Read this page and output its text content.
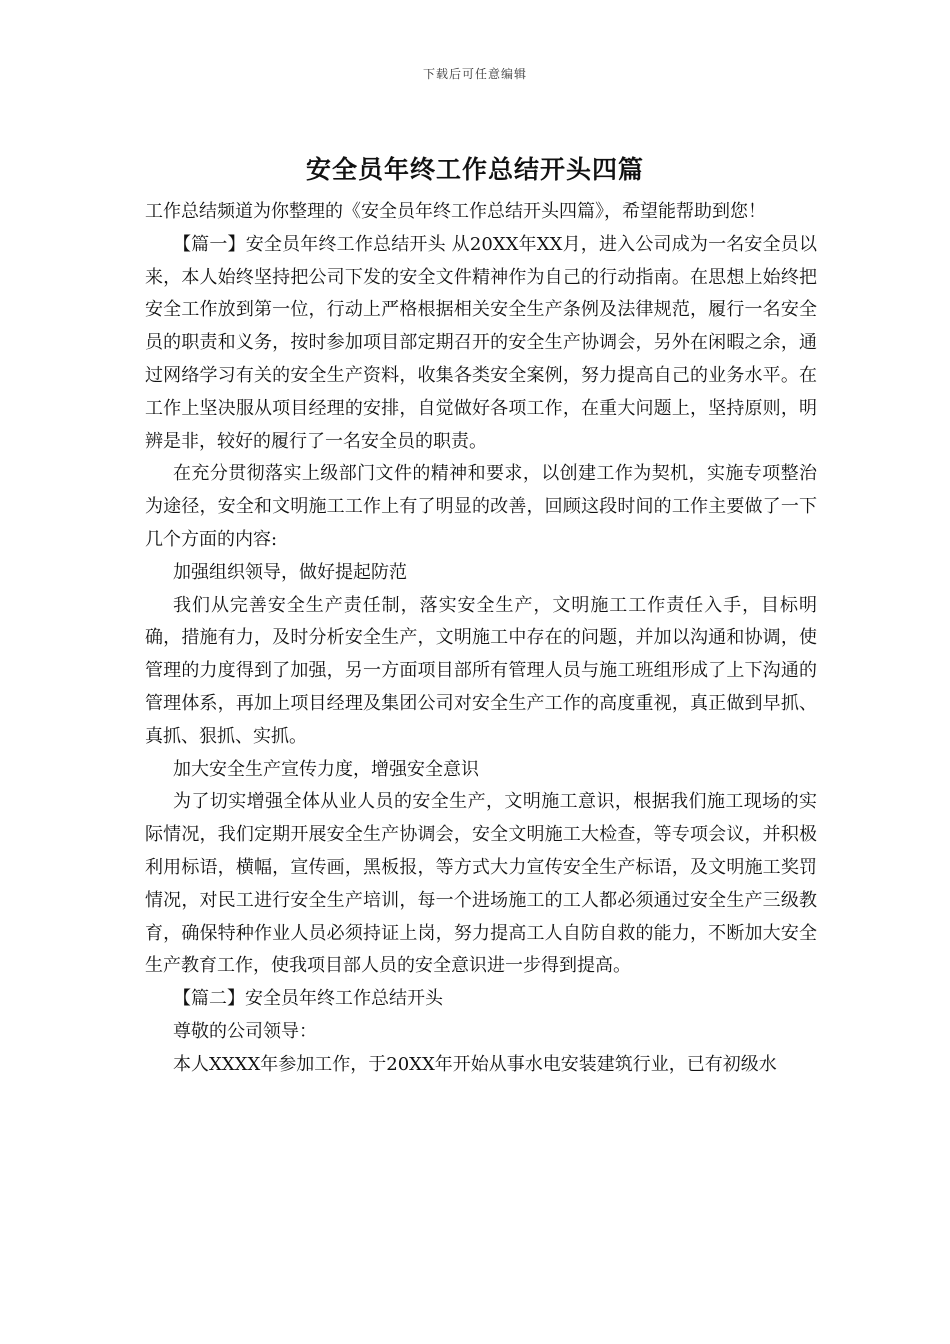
下载后可任意编辑
安全员年终工作总结开头四篇

工作总结频道为你整理的《安全员年终工作总结开头四篇》，希望能帮助到您！

【篇一】安全员年终工作总结开头 从20XX年XX月，进入公司成为一名安全员以来，本人始终坚持把公司下发的安全文件精神作为自己的行动指南。在思想上始终把安全工作放到第一位，行动上严格根据相关安全生产条例及法律规范，履行一名安全员的职责和义务，按时参加项目部定期召开的安全生产协调会，另外在闲暇之余，通过网络学习有关的安全生产资料，收集各类安全案例，努力提高自己的业务水平。在工作上坚决服从项目经理的安排，自觉做好各项工作，在重大问题上，坚持原则，明辨是非，较好的履行了一名安全员的职责。

在充分贯彻落实上级部门文件的精神和要求，以创建工作为契机，实施专项整治为途径，安全和文明施工工作上有了明显的改善，回顾这段时间的工作主要做了一下几个方面的内容:

加强组织领导，做好提起防范

我们从完善安全生产责任制，落实安全生产，文明施工工作责任入手，目标明确，措施有力，及时分析安全生产，文明施工中存在的问题，并加以沟通和协调，使管理的力度得到了加强，另一方面项目部所有管理人员与施工班组形成了上下沟通的管理体系，再加上项目经理及集团公司对安全生产工作的高度重视，真正做到早抓、真抓、狠抓、实抓。

加大安全生产宣传力度，增强安全意识

为了切实增强全体从业人员的安全生产，文明施工意识，根据我们施工现场的实际情况，我们定期开展安全生产协调会，安全文明施工大检查，等专项会议，并积极利用标语，横幅，宣传画，黑板报，等方式大力宣传安全生产标语，及文明施工奖罚情况，对民工进行安全生产培训，每一个进场施工的工人都必须通过安全生产三级教育，确保特种作业人员必须持证上岗，努力提高工人自防自救的能力，不断加大安全生产教育工作，使我项目部人员的安全意识进一步得到提高。

【篇二】安全员年终工作总结开头

尊敬的公司领导：

本人XXXX年参加工作，于20XX年开始从事水电安装建筑行业，已有初级水
